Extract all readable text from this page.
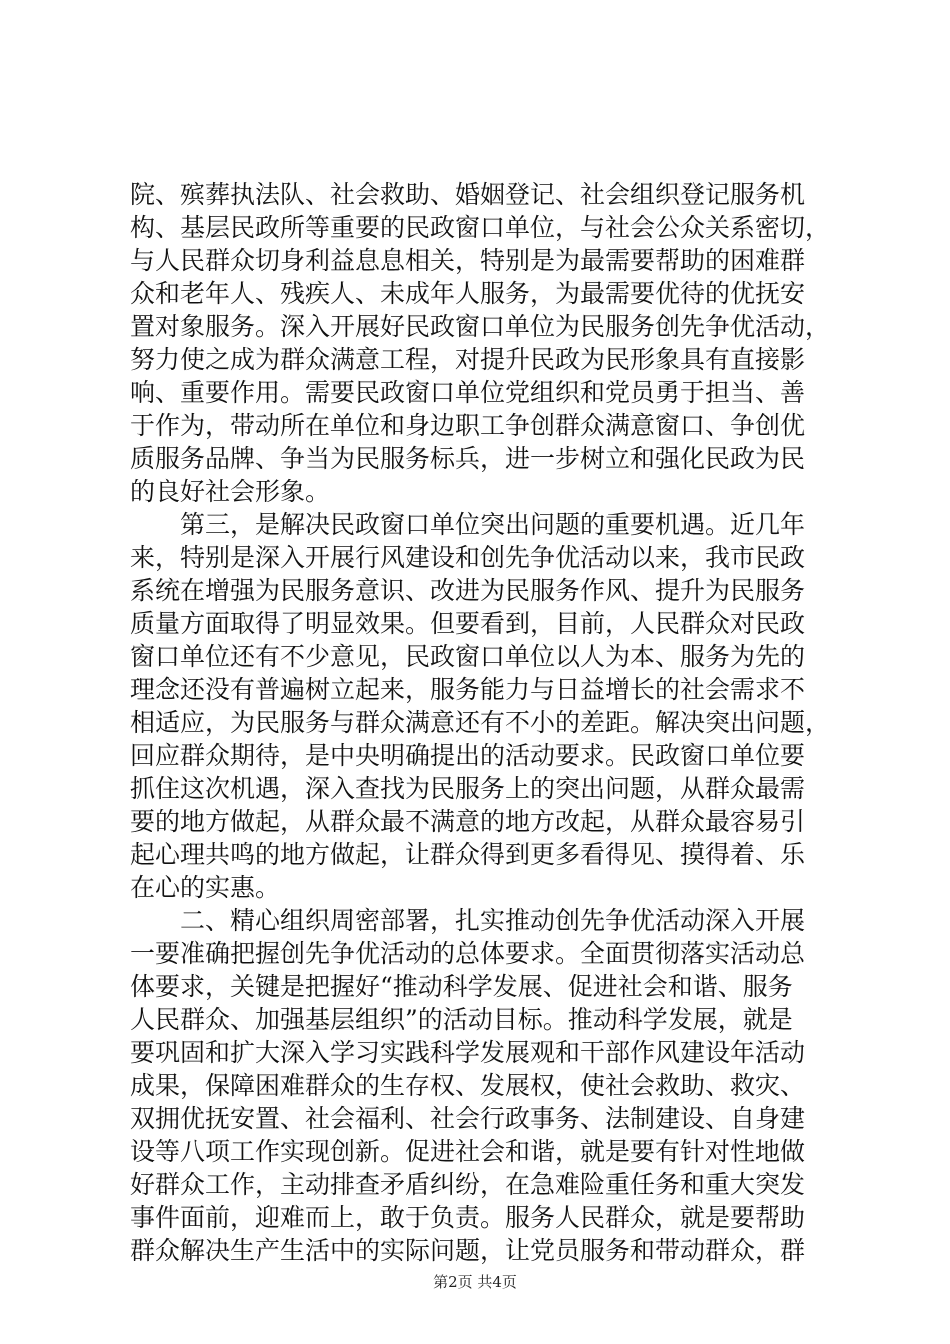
院、殡葬执法队、社会救助、婚姻登记、社会组织登记服务机
构、基层民政所等重要的民政窗口单位，与社会公众关系密切，
与人民群众切身利益息息相关，特别是为最需要帮助的困难群
众和老年人、残疾人、未成年人服务，为最需要优待的优抚安
置对象服务。深入开展好民政窗口单位为民服务创先争优活动，
努力使之成为群众满意工程，对提升民政为民形象具有直接影
响、重要作用。需要民政窗口单位党组织和党员勇于担当、善
于作为，带动所在单位和身边职工争创群众满意窗口、争创优
质服务品牌、争当为民服务标兵，进一步树立和强化民政为民
的良好社会形象。
第三，是解决民政窗口单位突出问题的重要机遇。近几年
来，特别是深入开展行风建设和创先争优活动以来，我市民政
系统在增强为民服务意识、改进为民服务作风、提升为民服务
质量方面取得了明显效果。但要看到，目前，人民群众对民政
窗口单位还有不少意见，民政窗口单位以人为本、服务为先的
理念还没有普遍树立起来，服务能力与日益增长的社会需求不
相适应，为民服务与群众满意还有不小的差距。解决突出问题，
回应群众期待，是中央明确提出的活动要求。民政窗口单位要
抓住这次机遇，深入查找为民服务上的突出问题，从群众最需
要的地方做起，从群众最不满意的地方改起，从群众最容易引
起心理共鸣的地方做起，让群众得到更多看得见、摸得着、乐
在心的实惠。
二、精心组织周密部署，扎实推动创先争优活动深入开展
一要准确把握创先争优活动的总体要求。全面贯彻落实活动总
体要求，关键是把握好“推动科学发展、促进社会和谐、服务
人民群众、加强基层组织”的活动目标。推动科学发展，就是
要巩固和扩大深入学习实践科学发展观和干部作风建设年活动
成果，保障困难群众的生存权、发展权，使社会救助、救灾、
双拥优抚安置、社会福利、社会行政事务、法制建设、自身建
设等八项工作实现创新。促进社会和谐，就是要有针对性地做
好群众工作，主动排查矛盾纠纷，在急难险重任务和重大突发
事件面前，迎难而上，敢于负责。服务人民群众，就是要帮助
群众解决生产生活中的实际问题，让党员服务和带动群众，群
第2页 共4页
